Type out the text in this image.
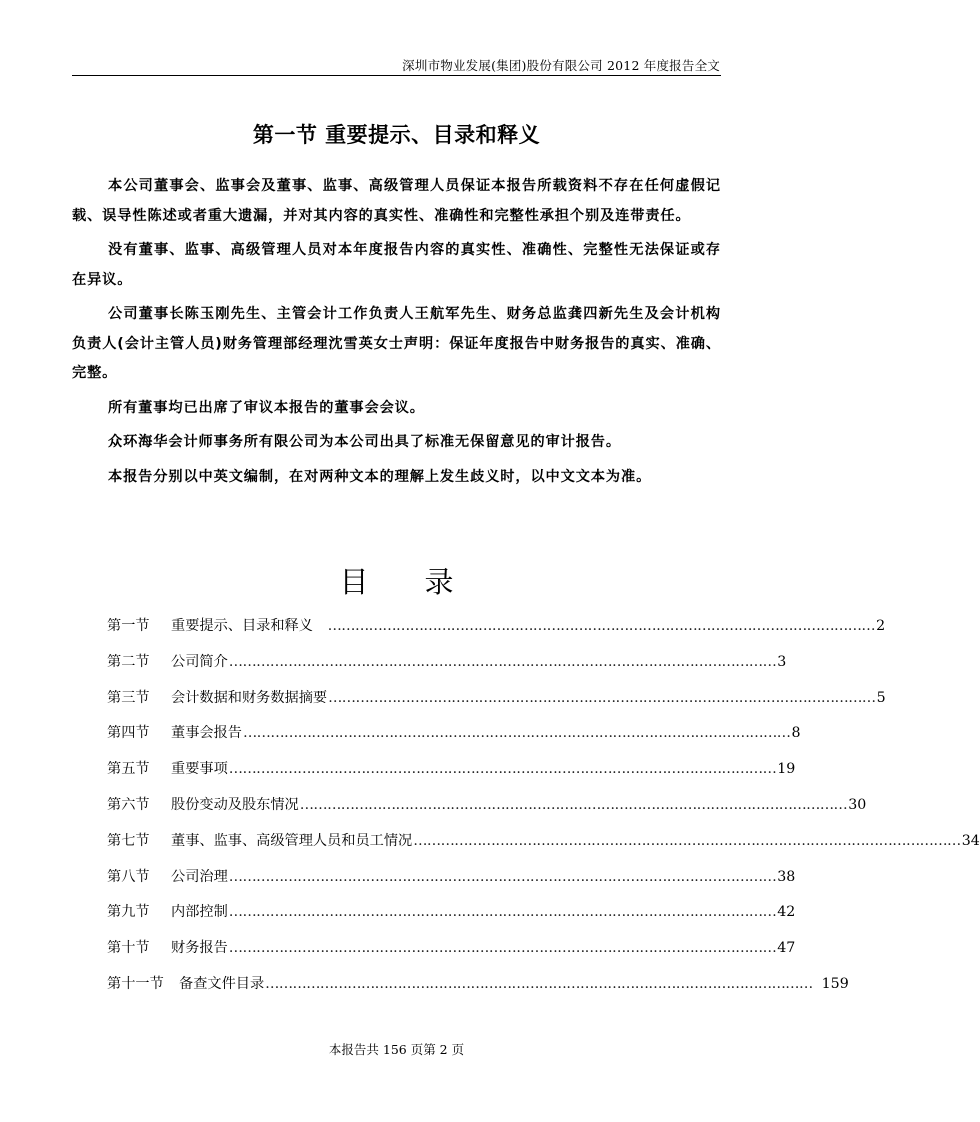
深圳市物业发展(集团)股份有限公司 2012 年度报告全文
第一节 重要提示、目录和释义

本公司董事会、监事会及董事、监事、高级管理人员保证本报告所载资料不存在任何虚假记载、误导性陈述或者重大遗漏，并对其内容的真实性、准确性和完整性承担个别及连带责任。

没有董事、监事、高级管理人员对本年度报告内容的真实性、准确性、完整性无法保证或存在异议。

公司董事长陈玉刚先生、主管会计工作负责人王航军先生、财务总监龚四新先生及会计机构负责人(会计主管人员)财务管理部经理沈雪英女士声明：保证年度报告中财务报告的真实、准确、完整。

所有董事均已出席了审议本报告的董事会会议。

众环海华会计师事务所有限公司为本公司出具了标准无保留意见的审计报告。

本报告分别以中英文编制，在对两种文本的理解上发生歧义时，以中文文本为准。

目录
第一节	重要提示、目录和释义 　………………………………………………………………………………………………………… 2
第二节	公司简介 ………………………………………………………………………………………………………… 3
第三节	会计数据和财务数据摘要 ………………………………………………………………………………………………………… 5
第四节	董事会报告 ………………………………………………………………………………………………………… 8
第五节	重要事项 ………………………………………………………………………………………………………… 19
第六节	股份变动及股东情况 ………………………………………………………………………………………………………… 30
第七节	董事、监事、高级管理人员和员工情况 ………………………………………………………………………………………………………… 34
第八节	公司治理 ………………………………………………………………………………………………………… 38
第九节	内部控制 ………………………………………………………………………………………………………… 42
第十节	财务报告 ………………………………………………………………………………………………………… 47
第十一节	备查文件目录 ………………………………………………………………………………………………………… 159
本报告共 156 页第 2 页
